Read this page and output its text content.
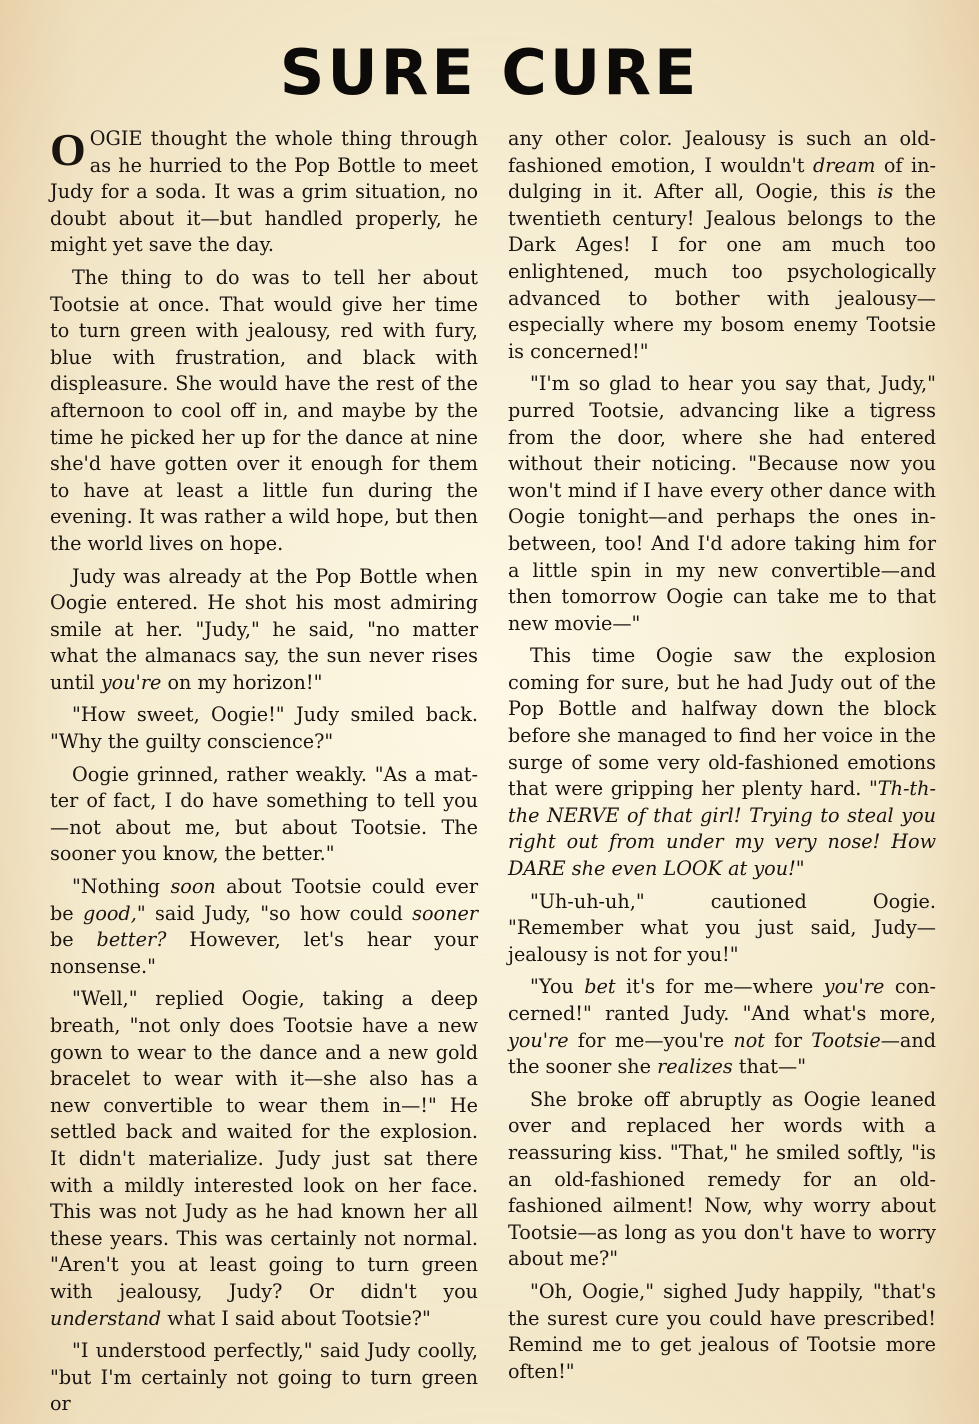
SURE CURE

OOGIE thought the whole thing through as he hurried to the Pop Bottle to meet Judy for a soda. It was a grim situation, no doubt about it—but handled properly, he might yet save the day.

The thing to do was to tell her about Tootsie at once. That would give her time to turn green with jealousy, red with fury, blue with frustration, and black with displeasure. She would have the rest of the afternoon to cool off in, and maybe by the time he picked her up for the dance at nine she'd have gotten over it enough for them to have at least a little fun during the evening. It was rather a wild hope, but then the world lives on hope.

Judy was already at the Pop Bottle when Oogie entered. He shot his most admiring smile at her. "Judy," he said, "no matter what the almanacs say, the sun never rises until you're on my horizon!"

"How sweet, Oogie!" Judy smiled back. "Why the guilty conscience?"

Oogie grinned, rather weakly. "As a matter of fact, I do have something to tell you—not about me, but about Tootsie. The sooner you know, the better."

"Nothing soon about Tootsie could ever be good," said Judy, "so how could sooner be better? However, let's hear your nonsense."

"Well," replied Oogie, taking a deep breath, "not only does Tootsie have a new gown to wear to the dance and a new gold bracelet to wear with it—she also has a new convertible to wear them in—!" He settled back and waited for the explosion. It didn't materialize. Judy just sat there with a mildly interested look on her face. This was not Judy as he had known her all these years. This was certainly not normal. "Aren't you at least going to turn green with jealousy, Judy? Or didn't you understand what I said about Tootsie?"

"I understood perfectly," said Judy coolly, "but I'm certainly not going to turn green or

any other color. Jealousy is such an old-fashioned emotion, I wouldn't dream of indulging in it. After all, Oogie, this is the twentieth century! Jealous belongs to the Dark Ages! I for one am much too enlightened, much too psychologically advanced to bother with jealousy—especially where my bosom enemy Tootsie is concerned!"

"I'm so glad to hear you say that, Judy," purred Tootsie, advancing like a tigress from the door, where she had entered without their noticing. "Because now you won't mind if I have every other dance with Oogie tonight—and perhaps the ones in-between, too! And I'd adore taking him for a little spin in my new convertible—and then tomorrow Oogie can take me to that new movie—"

This time Oogie saw the explosion coming for sure, but he had Judy out of the Pop Bottle and halfway down the block before she managed to find her voice in the surge of some very old-fashioned emotions that were gripping her plenty hard. "Th-th-the NERVE of that girl! Trying to steal you right out from under my very nose! How DARE she even LOOK at you!"

"Uh-uh-uh," cautioned Oogie. "Remember what you just said, Judy—jealousy is not for you!"

"You bet it's for me—where you're concerned!" ranted Judy. "And what's more, you're for me—you're not for Tootsie—and the sooner she realizes that—"

She broke off abruptly as Oogie leaned over and replaced her words with a reassuring kiss. "That," he smiled softly, "is an old-fashioned remedy for an old-fashioned ailment! Now, why worry about Tootsie—as long as you don't have to worry about me?"

"Oh, Oogie," sighed Judy happily, "that's the surest cure you could have prescribed! Remind me to get jealous of Tootsie more often!"
